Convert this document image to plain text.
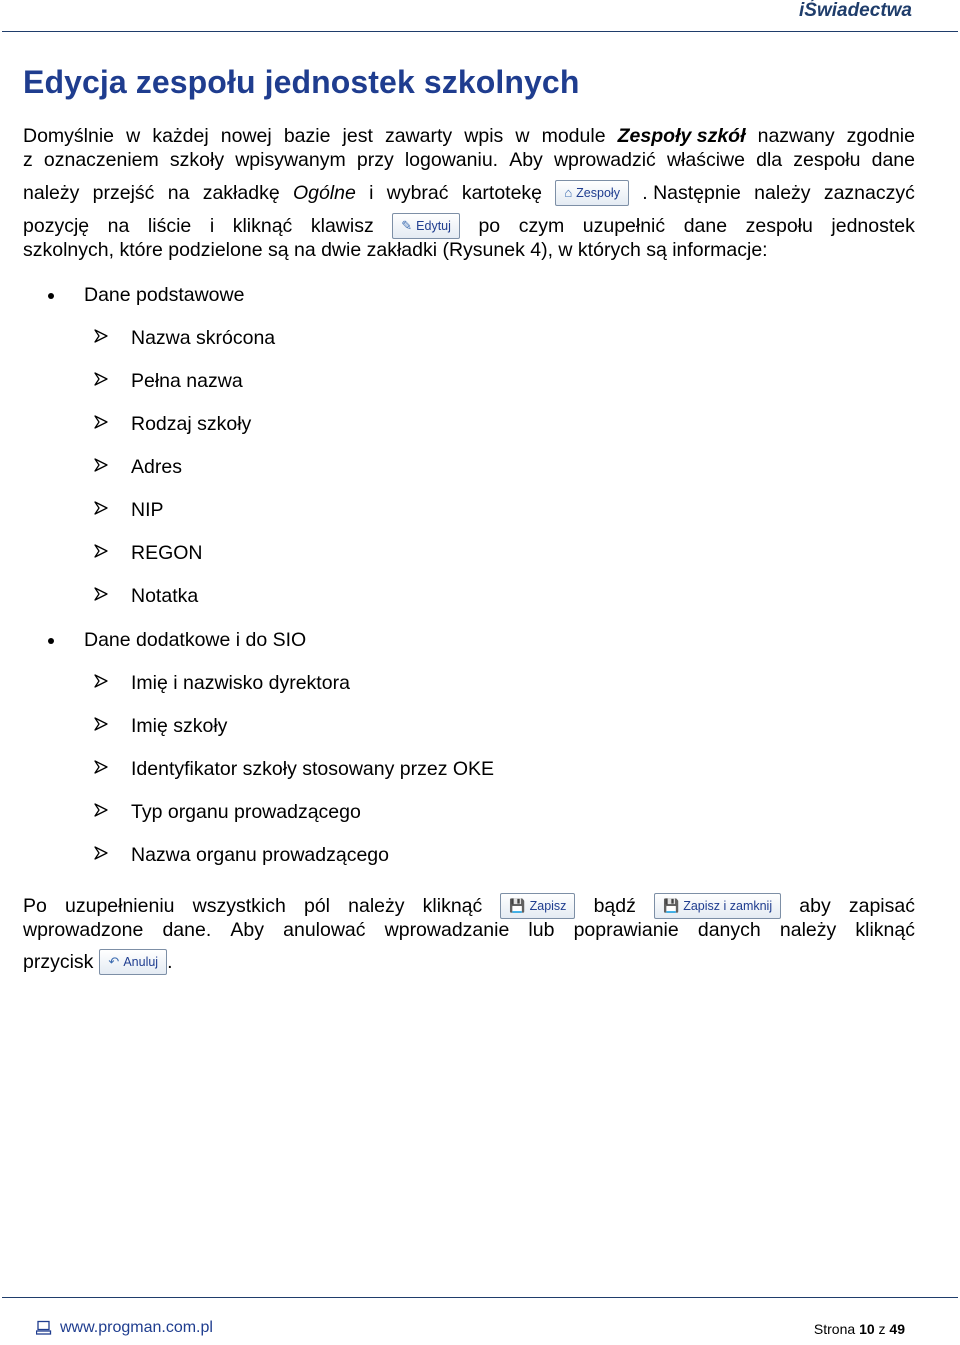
iŚwiadectwa
Edycja zespołu jednostek szkolnych
Domyślnie w każdej nowej bazie jest zawarty wpis w module Zespoły szkół nazwany zgodnie
z oznaczeniem szkoły wpisywanym przy logowaniu. Aby wprowadzić właściwe dla zespołu dane
należy przejść na zakładkę Ogólne i wybrać kartotekę ⌂ Zespoły . Następnie należy zaznaczyć
pozycję na liście i kliknąć klawisz ✎ Edytuj po czym uzupełnić dane zespołu jednostek
szkolnych, które podzielone są na dwie zakładki (Rysunek 4), w których są informacje:
Dane podstawowe
Nazwa skrócona
Pełna nazwa
Rodzaj szkoły
Adres
NIP
REGON
Notatka
Dane dodatkowe i do SIO
Imię i nazwisko dyrektora
Imię szkoły
Identyfikator szkoły stosowany przez OKE
Typ organu prowadzącego
Nazwa organu prowadzącego
Po uzupełnieniu wszystkich pól należy kliknąć 💾 Zapisz bądź 💾 Zapisz i zamknij aby zapisać
wprowadzone dane. Aby anulować wprowadzanie lub poprawianie danych należy kliknąć
przycisk ↶ Anuluj .
www.progman.com.pl	Strona 10 z 49
